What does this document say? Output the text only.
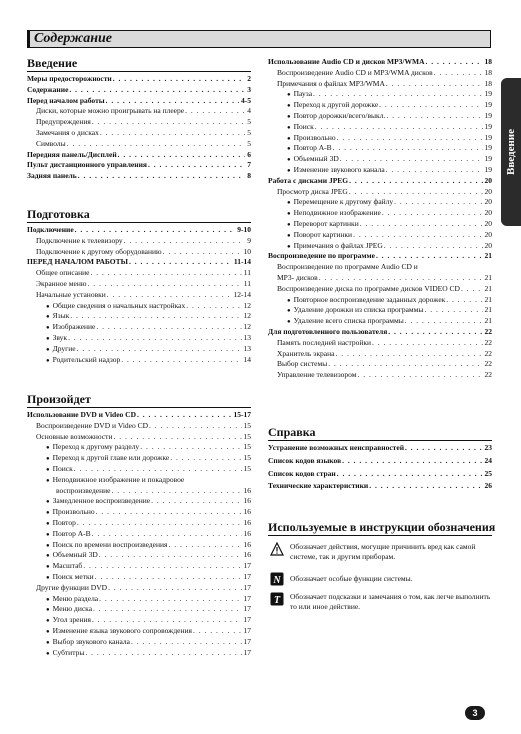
Содержание
Введение
Введение
Меры предосторожности . . .	2
Содержание . . .	3
Перед началом работы . . .	4-5
Диски, которые можно проигрывать на плеере . . .	4
Предупреждения . . .	5
Замечания о дисках . . .	5
Символы . . .	5
Передняя панель/Дисплей . . .	6
Пульт дистанционного управления . . .	7
Задняя панель . . .	8
Подготовка
Подключение . . .	9-10
Подключение к телевизору . . .	9
Подключение к другому оборудованию . . .	10
ПЕРЕД НАЧАЛОМ РАБОТЫ . . .	11-14
Общее описание . . .	11
Экранное меню . . .	11
Начальные установки . . .	12-14
● Общие сведения о начальных настройках . . .	12
● Язык . . .	12
● Изображение . . .	12
● Звук . . .	13
● Другие . . .	13
● Родительский надзор . . .	14
Произойдет
Использование DVD и Video CD . . .	15-17
Воспроизведение DVD и Video CD . . .	15
Основные возможности . . .	15
● Переход к другому разделу . . .	15
● Переход к другой главе или дорожке . . .	15
● Поиск . . .	15
● Неподвижное изображение и покадровое
воспроизведение . . .	16
● Замедленное воспроизведение . . .	16
● Произвольно . . .	16
● Повтор . . .	16
● Повтор A-B . . .	16
● Поиск по времени воспроизведения . . .	16
● Объемный 3D . . .	16
● Масштаб . . .	17
● Поиск метки . . .	17
Другие функции DVD . . .	17
● Меню раздела . . .	17
● Меню диска . . .	17
● Угол зрения . . .	17
● Изменение языка звукового сопровождения . . .	17
● Выбор звукового канала . . .	17
● Субтитры . . .	17
Использование Audio CD и дисков MP3/WMA . . .	18
Воспроизведение Audio CD и MP3/WMA дисков . . .	18
Примечания о файлах MP3/WMA . . .	18
● Пауза . . .	19
● Переход к другой дорожке . . .	19
● Повтор дорожки/всего/выкл. . . .	19
● Поиск . . .	19
● Произвольно . . .	19
● Повтор A-B . . .	19
● Объемный 3D . . .	19
● Изменение звукового канала . . .	19
Работа с дисками JPEG . . .	20
Просмотр диска JPEG . . .	20
● Перемещение к другому файлу . . .	20
● Неподвижное изображение . . .	20
● Переворот картинки . . .	20
● Поворот картинки . . .	20
● Примечания о файлах JPEG . . .	20
Воспроизведение по программе . . .	21
Воспроизведение по программе Audio CD и
MP3- дисков . . .	21
Воспроизведение диска по программе дисков VIDEO CD . . .	21
● Повторное воспроизведение заданных дорожек . . .	21
● Удаление дорожки из списка программы . . .	21
● Удаление всего списка программы . . .	21
Для подготовленного пользователя . . .	22
Память последней настройки . . .	22
Хранитель экрана . . .	22
Выбор системы . . .	22
Управление телевизором . . .	22
Справка
Устранение возможных неисправностей . . .	23
Список кодов языков . . .	24
Список кодов стран . . .	25
Технические характеристики . . .	26
Используемые в инструкции обозначения
Обозначает действия, могущие причинить вред как самой системе, так и другим приборам.
N Обозначает особые функции системы.
T Обозначает подсказки и замечания о том, как легче выполнить то или иное действие.
3
